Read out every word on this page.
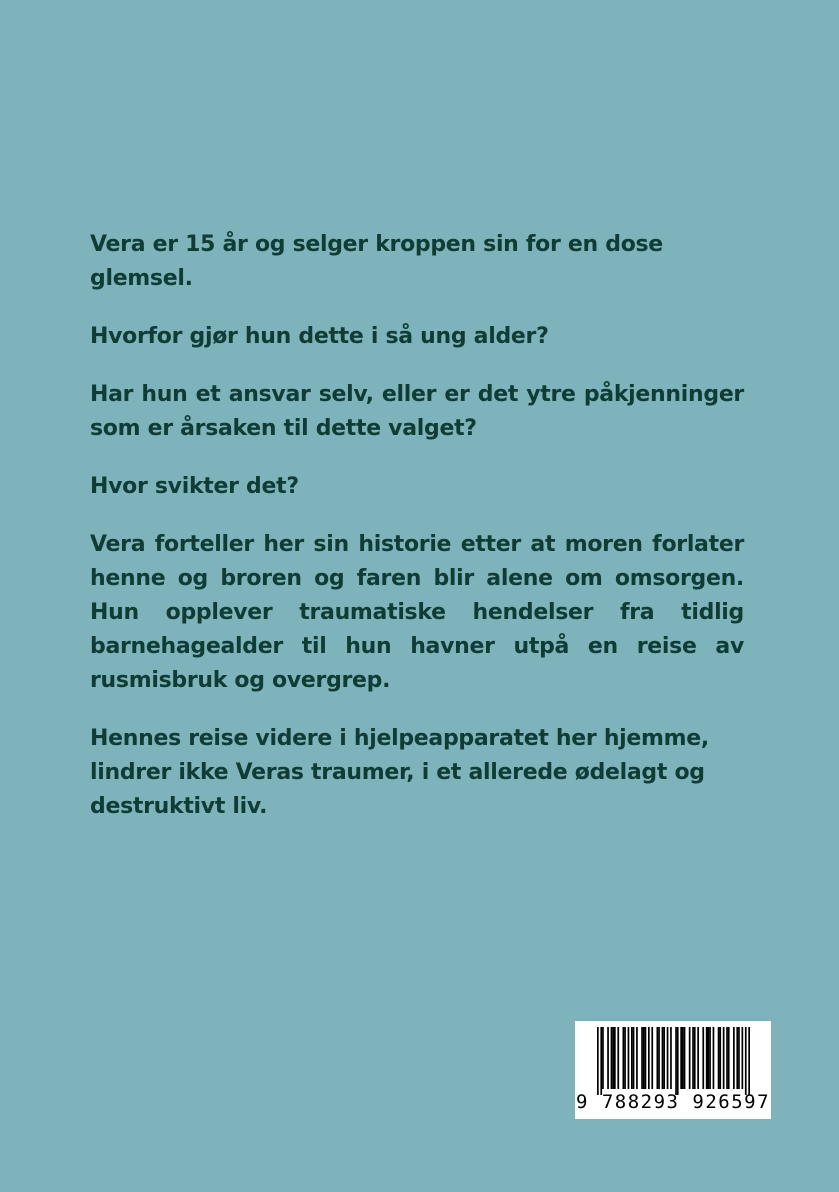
Vera er 15 år og selger kroppen sin for en dose glemsel.

Hvorfor gjør hun dette i så ung alder?

Har hun et ansvar selv, eller er det ytre påkjenninger som er årsaken til dette valget?

Hvor svikter det?

Vera forteller her sin historie etter at moren forlater henne og broren og faren blir alene om omsorgen. Hun opplever traumatiske hendelser fra tidlig barnehagealder til hun havner utpå en reise av rusmisbruk og overgrep.

Hennes reise videre i hjelpeapparatet her hjemme, lindrer ikke Veras traumer, i et allerede ødelagt og destruktivt liv.

9 788293 926597
